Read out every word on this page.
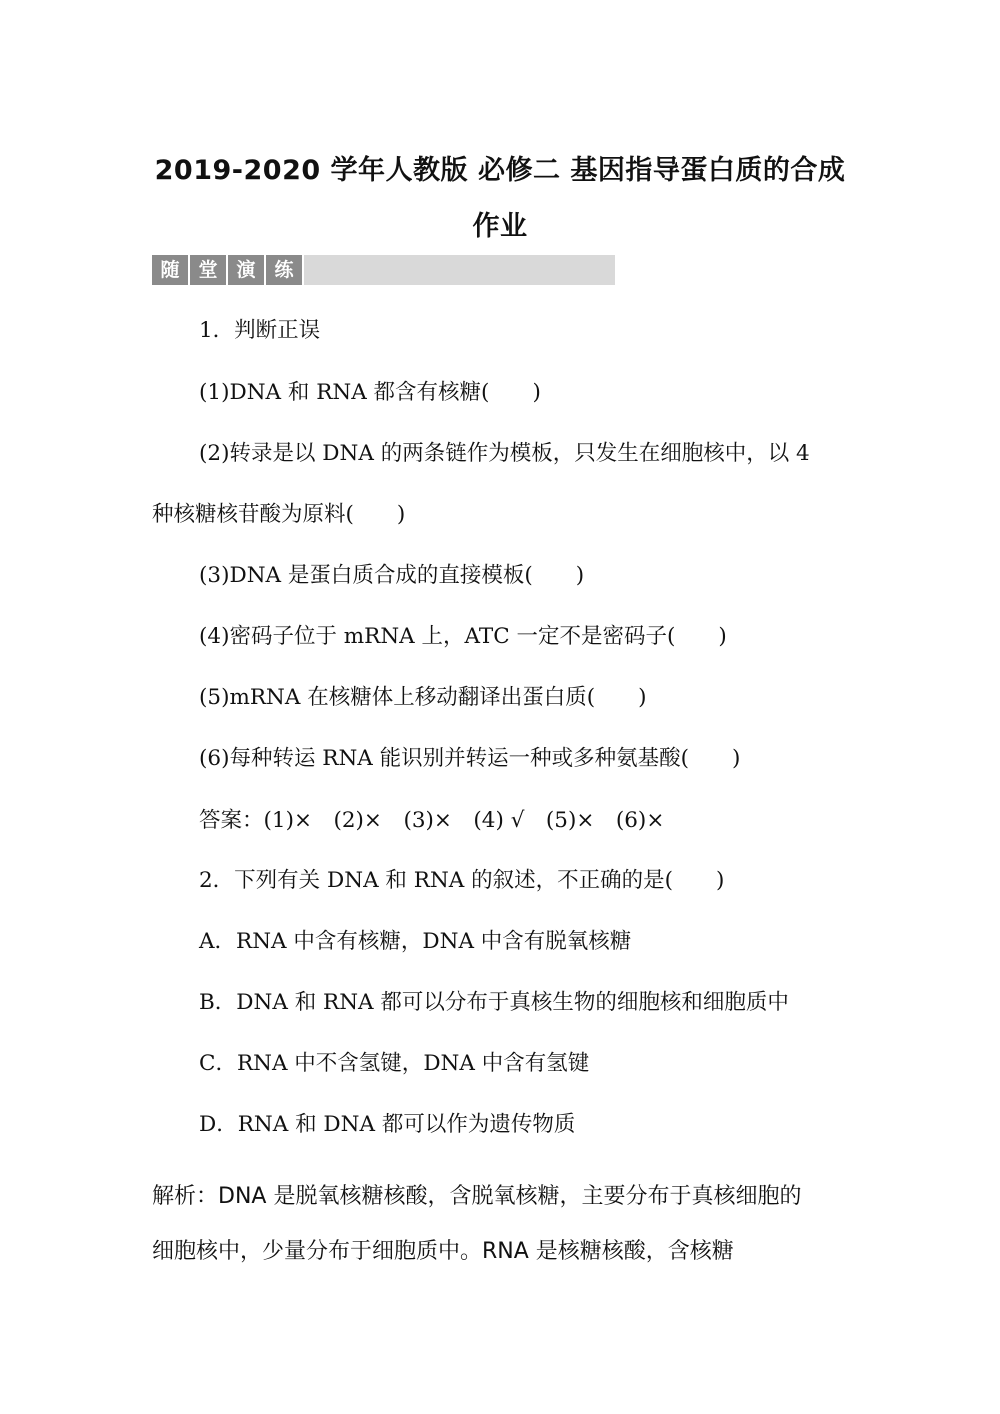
2019-2020 学年人教版 必修二 基因指导蛋白质的合成
作业
随 堂 演 练
1．判断正误
(1)DNA 和 RNA 都含有核糖(　　)
(2)转录是以 DNA 的两条链作为模板，只发生在细胞核中，以 4
种核糖核苷酸为原料(　　)
(3)DNA 是蛋白质合成的直接模板(　　)
(4)密码子位于 mRNA 上，ATC 一定不是密码子(　　)
(5)mRNA 在核糖体上移动翻译出蛋白质(　　)
(6)每种转运 RNA 能识别并转运一种或多种氨基酸(　　)
答案：(1)×　(2)×　(3)×　(4) √　(5)×　(6)×
2．下列有关 DNA 和 RNA 的叙述，不正确的是(　　)
A．RNA 中含有核糖，DNA 中含有脱氧核糖
B．DNA 和 RNA 都可以分布于真核生物的细胞核和细胞质中
C．RNA 中不含氢键，DNA 中含有氢键
D．RNA 和 DNA 都可以作为遗传物质
解析：DNA 是脱氧核糖核酸，含脱氧核糖，主要分布于真核细胞的
细胞核中，少量分布于细胞质中。RNA 是核糖核酸，含核糖
